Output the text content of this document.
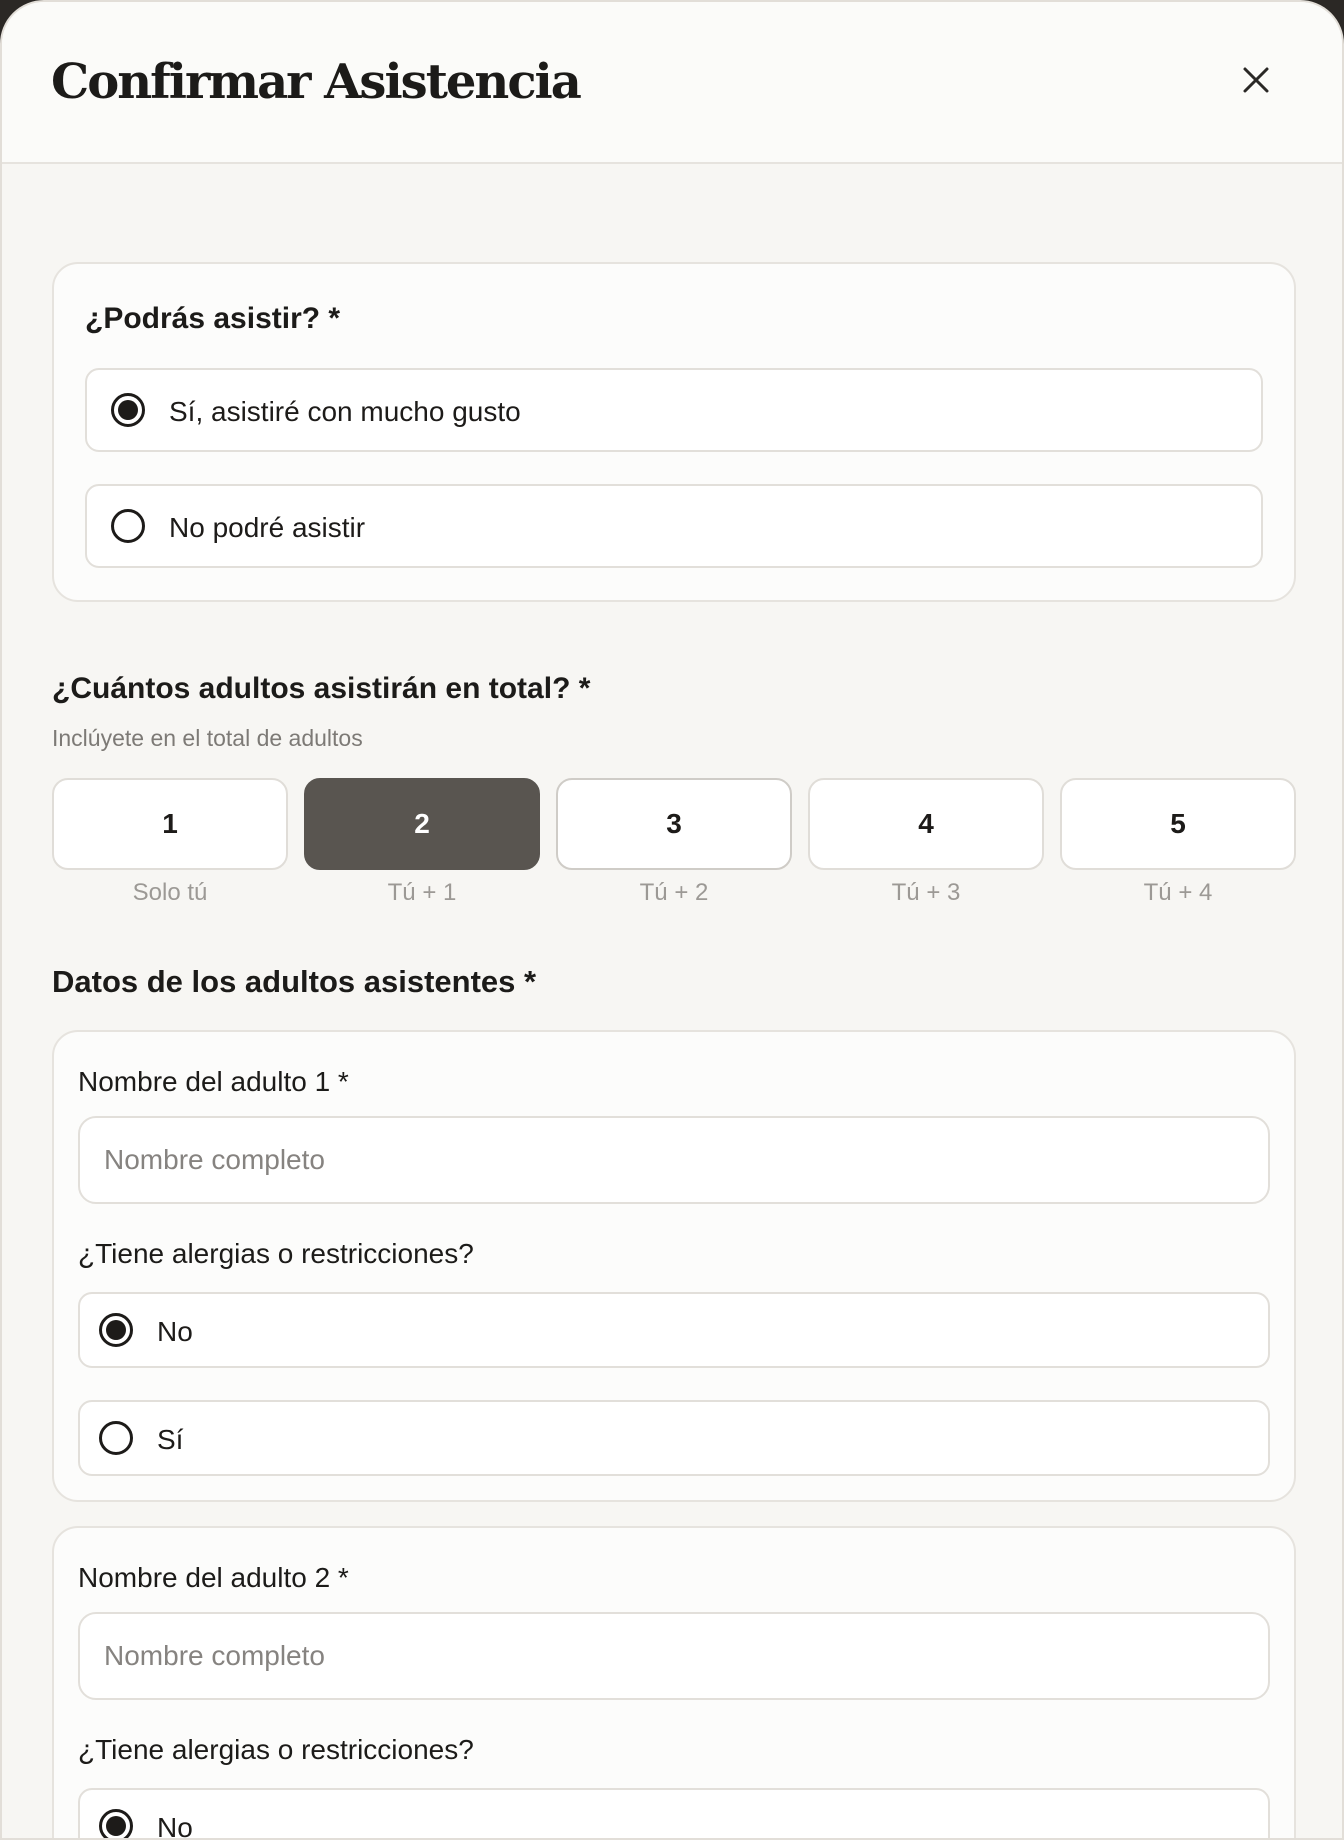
Confirmar Asistencia
¿Podrás asistir? *
Sí, asistiré con mucho gusto
No podré asistir
¿Cuántos adultos asistirán en total? *
Inclúyete en el total de adultos
1	2	3	4	5
Solo tú	Tú + 1	Tú + 2	Tú + 3	Tú + 4
Datos de los adultos asistentes *
Nombre del adulto 1 *
Nombre completo
¿Tiene alergias o restricciones?
No
Sí
Nombre del adulto 2 *
Nombre completo
¿Tiene alergias o restricciones?
No
